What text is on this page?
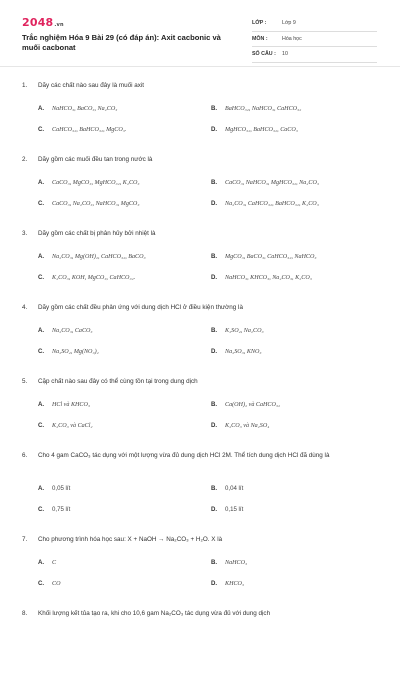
2048.vn
Trắc nghiệm Hóa 9 Bài 29 (có đáp án): Axit cacbonic và muối cacbonat
LỚP :	Lớp 9
MÔN :	Hóa học
SỐ CÂU :	10
1. Dãy các chất nào sau đây là muối axit
A. NaHCO₃, BaCO₃, Na₂CO₃	B. BaHCO₃₂, NaHCO₃, CaHCO₃₂
C. CaHCO₃₂, BaHCO₃₂, MgCO₃.	D. MgHCO₃₂, BaHCO₃₂, CaCO₃
2. Dãy gồm các muối đều tan trong nước là
A. CaCO₃, MgCO₃, MgHCO₃₂, K₂CO₃	B. CaCO₃, NaHCO₃, MgHCO₃₂, Na₂CO₃
C. CaCO₃, Na₂CO₃, NaHCO₃, MgCO₃	D. Na₂CO₃, CaHCO₃₂, BaHCO₃₂, K₂CO₃
3. Dãy gồm các chất bị phân hủy bởi nhiệt là
A. Na₂CO₃, Mg(OH)₂, CaHCO₃₂, BaCO₃	B. MgCO₃, BaCO₃, CaHCO₃₂, NaHCO₃
C. K₂CO₃, KOH, MgCO₃, CaHCO₃₂.	D. NaHCO₃, KHCO₃, Na₂CO₃, K₂CO₃
4. Dãy gồm các chất đều phản ứng với dung dịch HCl ở điều kiện thường là
A. Na₂CO₃, CaCO₃	B. K₂SO₄, Na₂CO₃
C. Na₂SO₄, Mg(NO₃)₂	D. Na₂SO₃, KNO₃
5. Cặp chất nào sau đây có thể cùng tồn tại trong dung dịch
A. HCl và KHCO₃	B. Ca(OH)₂ và CaHCO₃₂
C. K₂CO₃ và CaCl₂	D. K₂CO₃ và Na₂SO₄
6. Cho 4 gam CaCO₃ tác dụng với một lượng vừa đủ dung dịch HCl 2M. Thể tích dung dịch HCl đã dùng là
A. 0,05 lít	B. 0,04 lít
C. 0,75 lít	D. 0,15 lít
7. Cho phương trình hóa học sau: X + NaOH → Na₂CO₃ + H₂O. X là
A. C	B. NaHCO₃
C. CO	D. KHCO₃
8. Khối lượng kết tủa tạo ra, khi cho 10,6 gam Na₂CO₃ tác dụng vừa đủ với dung dịch
